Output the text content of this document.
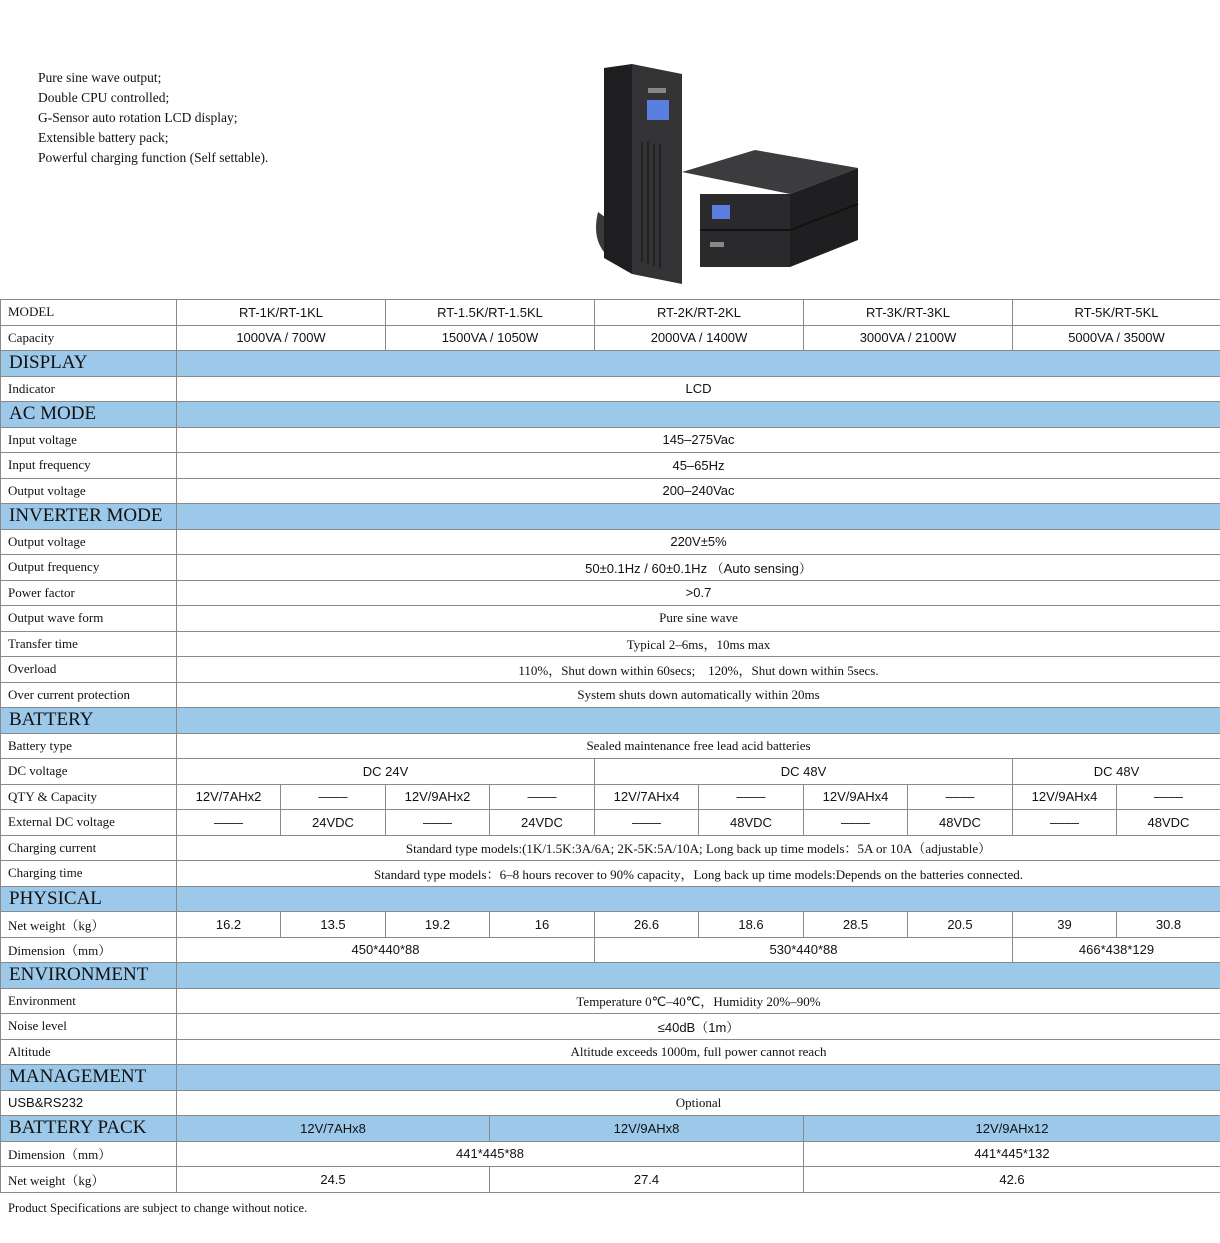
Pure sine wave output;
Double CPU controlled;
G-Sensor auto rotation LCD display;
Extensible battery pack;
Powerful charging function (Self settable).
MODEL	RT-1K/RT-1KL		RT-1.5K/RT-1.5KL		RT-2K/RT-2KL		RT-3K/RT-3KL		RT-5K/RT-5KL	
Capacity	1000VA / 700W		1500VA / 1050W		2000VA / 1400W		3000VA / 2100W		5000VA / 3500W	
DISPLAY										
Indicator	LCD									
AC MODE										
Input voltage	145–275Vac									
Input frequency	45–65Hz									
Output voltage	200–240Vac									
INVERTER MODE										
Output voltage	220V±5%									
Output frequency	50±0.1Hz / 60±0.1Hz （Auto sensing）									
Power factor	>0.7									
Output wave form	Pure sine wave									
Transfer time	Typical 2–6ms，10ms max									
Overload	110%，Shut down within 60secs;    120%，Shut down within 5secs.									
Over current protection	System shuts down automatically within 20ms									
BATTERY										
Battery type	Sealed maintenance free lead acid batteries									
DC voltage	DC 24V				DC 48V				DC 48V	
QTY & Capacity	12V/7AHx2	––––	12V/9AHx2	––––	12V/7AHx4	––––	12V/9AHx4	––––	12V/9AHx4	––––
External DC voltage	––––	24VDC	––––	24VDC	––––	48VDC	––––	48VDC	––––	48VDC
Charging current	Standard type models:(1K/1.5K:3A/6A; 2K-5K:5A/10A; Long back up time models：5A or 10A（adjustable）									
Charging time	Standard type models：6–8 hours recover to 90% capacity，Long back up time models:Depends on the batteries connected.									
PHYSICAL										
Net weight（kg）	16.2	13.5	19.2	16	26.6	18.6	28.5	20.5	39	30.8
Dimension（mm）	450*440*88				530*440*88				466*438*129	
ENVIRONMENT										
Environment	Temperature 0℃–40℃，Humidity 20%–90%									
Noise level	≤40dB（1m）									
Altitude	Altitude exceeds 1000m, full power cannot reach									
MANAGEMENT										
USB&RS232	Optional									
BATTERY PACK	12V/7AHx8			12V/9AHx8			12V/9AHx12			
Dimension（mm）	441*445*88						441*445*132			
Net weight（kg）	24.5			27.4			42.6			
Product Specifications are subject to change without notice.
